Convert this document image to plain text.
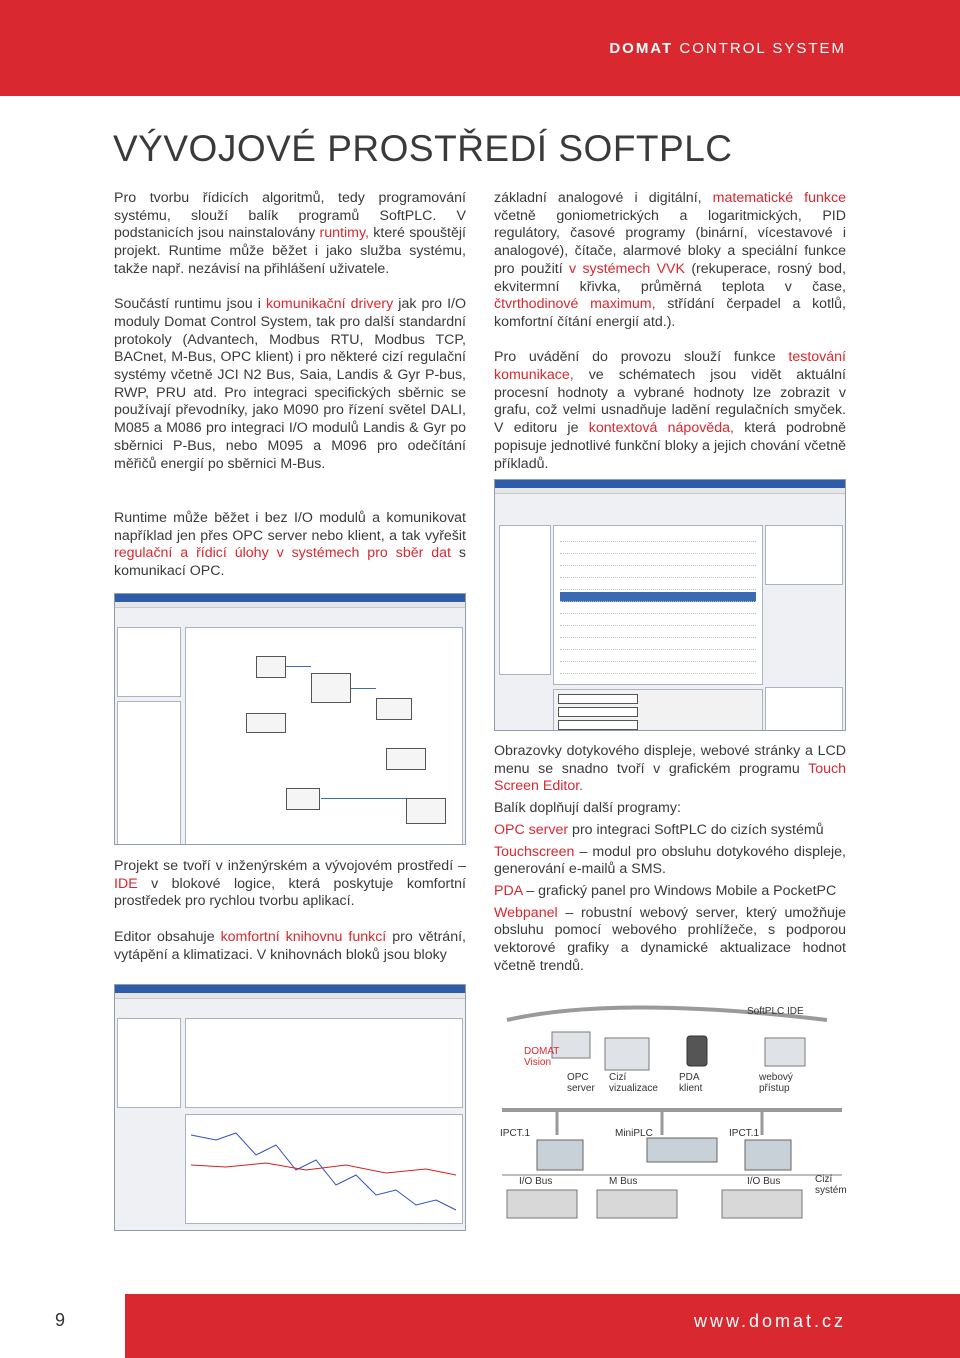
DOMAT CONTROL SYSTEM
VÝVOJOVÉ PROSTŘEDÍ SOFTPLC

Pro tvorbu řídicích algoritmů, tedy programování systému, slouží balík programů SoftPLC. V podstanicích jsou nainstalovány runtimy, které spouštějí projekt. Runtime může běžet i jako služba systému, takže např. nezávisí na přihlášení uživatele.

Součástí runtimu jsou i komunikační drivery jak pro I/O moduly Domat Control System, tak pro další standardní protokoly (Advantech, Modbus RTU, Modbus TCP, BACnet, M-Bus, OPC klient) i pro některé cizí regulační systémy včetně JCI N2 Bus, Saia, Landis & Gyr P-bus, RWP, PRU atd. Pro integraci specifických sběrnic se používají převodníky, jako M090 pro řízení světel DALI, M085 a M086 pro integraci I/O modulů Landis & Gyr po sběrnici P-Bus, nebo M095 a M096 pro odečítání měřičů energií po sběrnici M-Bus.

Runtime může běžet i bez I/O modulů a komunikovat například jen přes OPC server nebo klient, a tak vyřešit regulační a řídicí úlohy v systémech pro sběr dat s komunikací OPC.

Projekt se tvoří v inženýrském a vývojovém prostředí – IDE v blokové logice, která poskytuje komfortní prostředek pro rychlou tvorbu aplikací.

Editor obsahuje komfortní knihovnu funkcí pro větrání, vytápění a klimatizaci. V knihovnách bloků jsou bloky

základní analogové i digitální, matematické funkce včetně goniometrických a logaritmických, PID regulátory, časové programy (binární, vícestavové i analogové), čítače, alarmové bloky a speciální funkce pro použití v systémech VVK (rekuperace, rosný bod, ekvitermní křivka, průměrná teplota v čase, čtvrthodinové maximum, střídání čerpadel a kotlů, komfortní čítání energií atd.).

Pro uvádění do provozu slouží funkce testování komunikace, ve schématech jsou vidět aktuální procesní hodnoty a vybrané hodnoty lze zobrazit v grafu, což velmi usnadňuje ladění regulačních smyček. V editoru je kontextová nápověda, která podrobně popisuje jednotlivé funkční bloky a jejich chování včetně příkladů.

Obrazovky dotykového displeje, webové stránky a LCD menu se snadno tvoří v grafickém programu Touch Screen Editor.

Balík doplňují další programy:

OPC server pro integraci SoftPLC do cizích systémů

Touchscreen – modul pro obsluhu dotykového displeje, generování e-mailů a SMS.

PDA – grafický panel pro Windows Mobile a PocketPC

Webpanel – robustní webový server, který umožňuje obsluhu pomocí webového prohlížeče, s podporou vektorové grafiky a dynamické aktualizace hodnot včetně trendů.

SoftPLC IDE
DOMAT
Vision
OPC
server
Cizí
vizualizace
PDA
klient
webový
přístup
IPCT.1	MiniPLC	IPCT.1
I/O Bus	M Bus	I/O Bus	Cizí
systém
9	www.domat.cz
